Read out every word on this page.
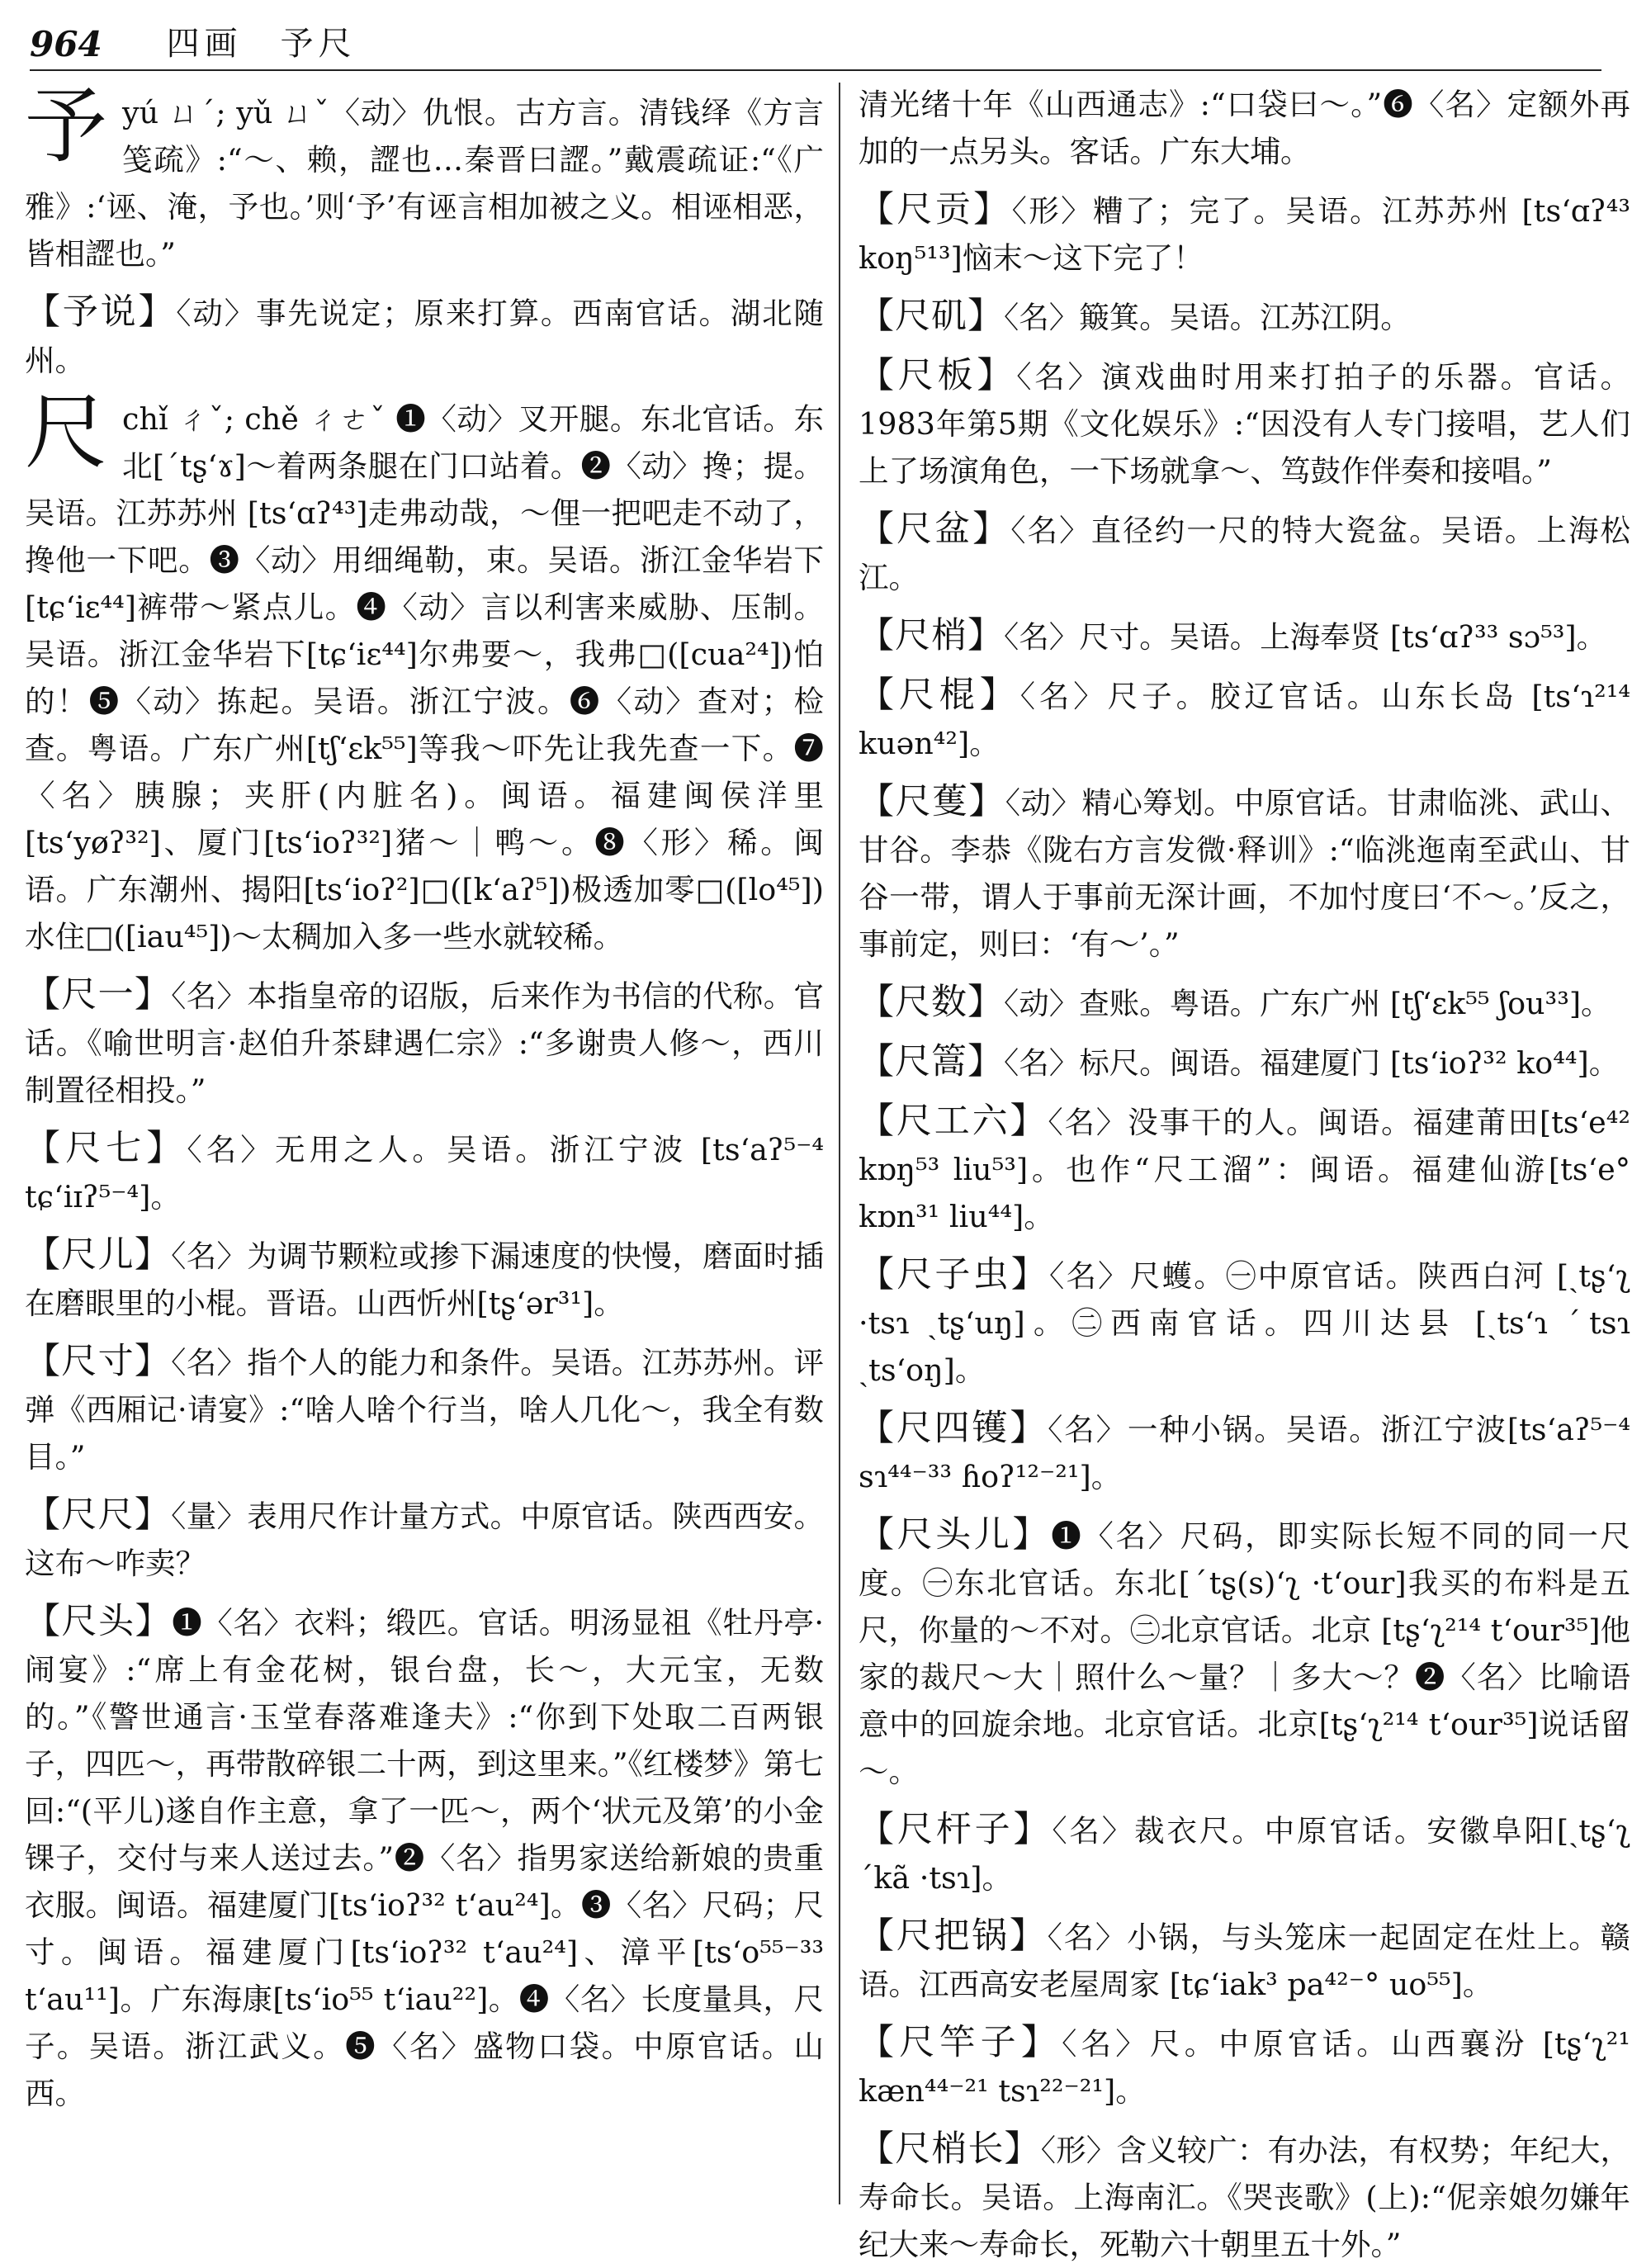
964 四画　予尺
予 yú ㄩˊ; yǔ ㄩˇ〈动〉仇恨。古方言。清钱绎《方言笺疏》:“～、赖，䜀也…秦晋曰䜀。”戴震疏证:“《广雅》:‘诬、淹，予也。’则‘予’有诬言相加被之义。相诬相恶，皆相䜀也。”
【予说】〈动〉事先说定；原来打算。西南官话。湖北随州。
尺 chǐ ㄔˇ; chě ㄔㄜˇ ❶〈动〉叉开腿。东北官话。东北[ˊtʂʻɤ]～着两条腿在门口站着。❷〈动〉搀；提。吴语。江苏苏州 [tsʻɑʔ⁴³]走弗动哉，～俚一把吧走不动了，搀他一下吧。❸〈动〉用细绳勒，束。吴语。浙江金华岩下[tɕʻiɛ⁴⁴]裤带～紧点儿。❹〈动〉言以利害来威胁、压制。吴语。浙江金华岩下[tɕʻiɛ⁴⁴]尔弗要～，我弗□([cua²⁴])怕的！❺〈动〉拣起。吴语。浙江宁波。❻〈动〉查对；检查。粤语。广东广州[tʃʻɛk⁵⁵]等我～吓先让我先查一下。❼〈名〉胰腺；夹肝(内脏名)。闽语。福建闽侯洋里[tsʻyøʔ³²]、厦门[tsʻioʔ³²]猪～｜鸭～。❽〈形〉稀。闽语。广东潮州、揭阳[tsʻioʔ²]□([kʻaʔ⁵])极透加零□([lo⁴⁵])水住□([iau⁴⁵])～太稠加入多一些水就较稀。
【尺一】〈名〉本指皇帝的诏版，后来作为书信的代称。官话。《喻世明言·赵伯升茶肆遇仁宗》:“多谢贵人修～，西川制置径相投。”
【尺七】〈名〉无用之人。吴语。浙江宁波 [tsʻaʔ⁵⁻⁴ tɕʻiɪʔ⁵⁻⁴]。
【尺儿】〈名〉为调节颗粒或掺下漏速度的快慢，磨面时插在磨眼里的小棍。晋语。山西忻州[tʂʻər³¹]。
【尺寸】〈名〉指个人的能力和条件。吴语。江苏苏州。评弹《西厢记·请宴》:“啥人啥个行当，啥人几化～，我全有数目。”
【尺尺】〈量〉表用尺作计量方式。中原官话。陕西西安。这布～咋卖？
【尺头】❶〈名〉衣料；缎匹。官话。明汤显祖《牡丹亭·闹宴》:“席上有金花树，银台盘，长～，大元宝，无数的。”《警世通言·玉堂春落难逢夫》:“你到下处取二百两银子，四匹～，再带散碎银二十两，到这里来。”《红楼梦》第七回:“(平儿)遂自作主意，拿了一匹～，两个‘状元及第’的小金锞子，交付与来人送过去。”❷〈名〉指男家送给新娘的贵重衣服。闽语。福建厦门[tsʻioʔ³² tʻau²⁴]。❸〈名〉尺码；尺寸。闽语。福建厦门[tsʻioʔ³² tʻau²⁴]、漳平[tsʻo⁵⁵⁻³³ tʻau¹¹]。广东海康[tsʻio⁵⁵ tʻiau²²]。❹〈名〉长度量具，尺子。吴语。浙江武义。❺〈名〉盛物口袋。中原官话。山西。
清光绪十年《山西通志》:“口袋曰～。”❻〈名〉定额外再加的一点另头。客话。广东大埔。
【尺贡】〈形〉糟了；完了。吴语。江苏苏州 [tsʻɑʔ⁴³ koŋ⁵¹³]恼末～这下完了！
【尺矶】〈名〉簸箕。吴语。江苏江阴。
【尺板】〈名〉演戏曲时用来打拍子的乐器。官话。1983年第5期《文化娱乐》:“因没有人专门接唱，艺人们上了场演角色，一下场就拿～、笃鼓作伴奏和接唱。”
【尺盆】〈名〉直径约一尺的特大瓷盆。吴语。上海松江。
【尺梢】〈名〉尺寸。吴语。上海奉贤 [tsʻɑʔ³³ sɔ⁵³]。
【尺棍】〈名〉尺子。胶辽官话。山东长岛 [tsʻɿ²¹⁴ kuən⁴²]。
【尺蒦】〈动〉精心筹划。中原官话。甘肃临洮、武山、甘谷。李恭《陇右方言发微·释训》:“临洮迤南至武山、甘谷一带，谓人于事前无深计画，不加忖度曰‘不～。’反之，事前定，则曰：‘有～’。”
【尺数】〈动〉查账。粤语。广东广州 [tʃʻɛk⁵⁵ ʃou³³]。
【尺篙】〈名〉标尺。闽语。福建厦门 [tsʻioʔ³² ko⁴⁴]。
【尺工六】〈名〉没事干的人。闽语。福建莆田[tsʻe⁴² kɒŋ⁵³ liu⁵³]。也作“尺工溜”：闽语。福建仙游[tsʻe° kɒn³¹ liu⁴⁴]。
【尺子虫】〈名〉尺蠖。㊀中原官话。陕西白河 [ˏtʂʻʅ ·tsɿ ˏtʂʻuŋ]。㊁西南官话。四川达县 [ˏtsʻɿ ˊtsɿ ˏtsʻoŋ]。
【尺四镬】〈名〉一种小锅。吴语。浙江宁波[tsʻaʔ⁵⁻⁴ sɿ⁴⁴⁻³³ ɦoʔ¹²⁻²¹]。
【尺头儿】❶〈名〉尺码，即实际长短不同的同一尺度。㊀东北官话。东北[ˊtʂ(s)ʻʅ ·tʻour]我买的布料是五尺，你量的～不对。㊁北京官话。北京 [tʂʻʅ²¹⁴ tʻour³⁵]他家的裁尺～大｜照什么～量？｜多大～？❷〈名〉比喻语意中的回旋余地。北京官话。北京[tʂʻʅ²¹⁴ tʻour³⁵]说话留～。
【尺杆子】〈名〉裁衣尺。中原官话。安徽阜阳[ˏtʂʻʅ ˊkã ·tsɿ]。
【尺把锅】〈名〉小锅，与头笼床一起固定在灶上。赣语。江西高安老屋周家 [tɕʻiak³ pa⁴²⁻° uo⁵⁵]。
【尺竿子】〈名〉尺。中原官话。山西襄汾 [tʂʻʅ²¹ kæn⁴⁴⁻²¹ tsɿ²²⁻²¹]。
【尺梢长】〈形〉含义较广：有办法，有权势；年纪大，寿命长。吴语。上海南汇。《哭丧歌》(上):“伲亲娘勿嫌年纪大来～寿命长，死勒六十朝里五十外。”
